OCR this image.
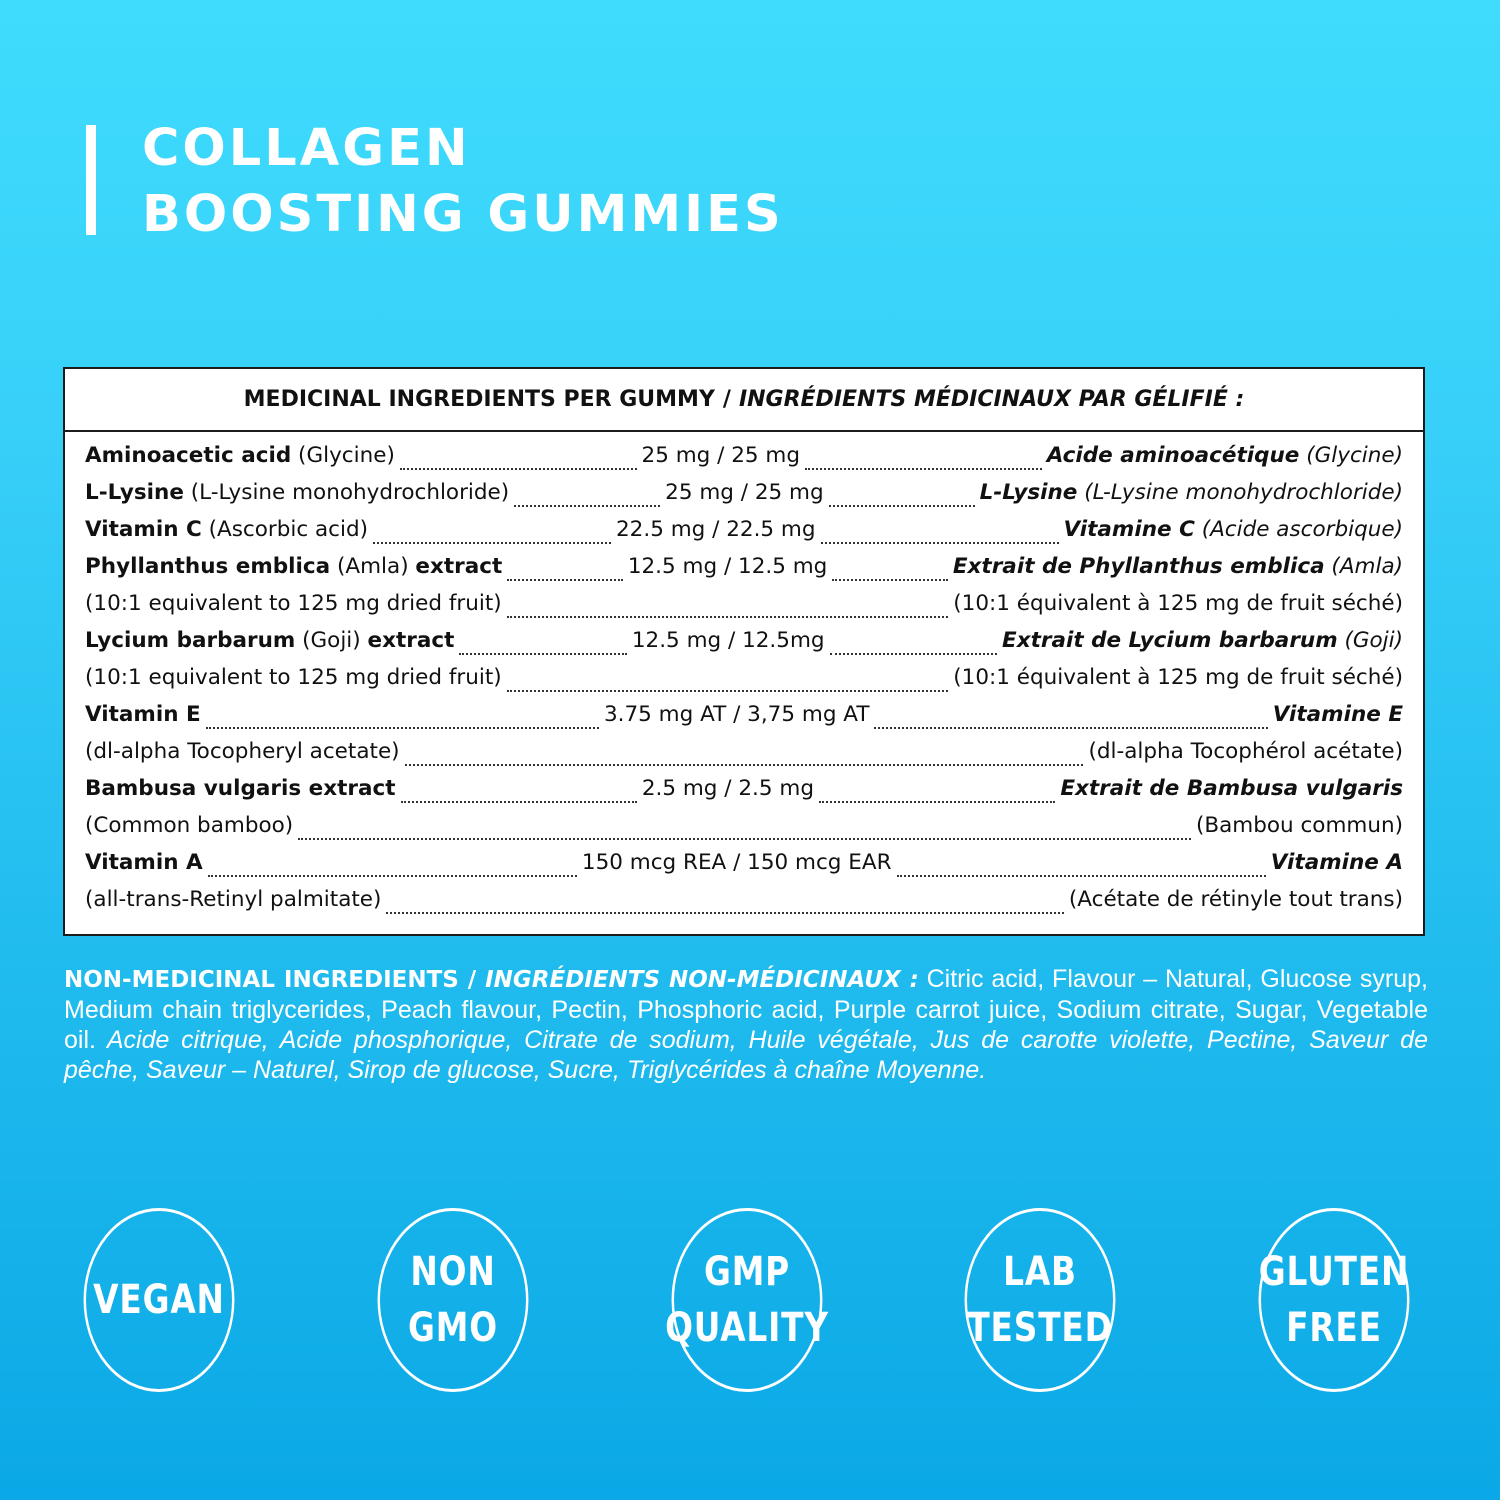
COLLAGEN
BOOSTING GUMMIES
MEDICINAL INGREDIENTS PER GUMMY / INGRÉDIENTS MÉDICINAUX PAR GÉLIFIÉ :
Aminoacetic acid (Glycine)	25 mg / 25 mg	Acide aminoacétique (Glycine)
L-Lysine (L-Lysine monohydrochloride)	25 mg / 25 mg	L-Lysine (L-Lysine monohydrochloride)
Vitamin C (Ascorbic acid)	22.5 mg / 22.5 mg	Vitamine C (Acide ascorbique)
Phyllanthus emblica (Amla) extract	12.5 mg / 12.5 mg	Extrait de Phyllanthus emblica (Amla)
(10:1 equivalent to 125 mg dried fruit)	(10:1 équivalent à 125 mg de fruit séché)
Lycium barbarum (Goji) extract	12.5 mg / 12.5mg	Extrait de Lycium barbarum (Goji)
(10:1 equivalent to 125 mg dried fruit)	(10:1 équivalent à 125 mg de fruit séché)
Vitamin E	3.75 mg AT / 3,75 mg AT	Vitamine E
(dl-alpha Tocopheryl acetate)	(dl-alpha Tocophérol acétate)
Bambusa vulgaris extract	2.5 mg / 2.5 mg	Extrait de Bambusa vulgaris
(Common bamboo)	(Bambou commun)
Vitamin A	150 mcg REA / 150 mcg EAR	Vitamine A
(all-trans-Retinyl palmitate)	(Acétate de rétinyle tout trans)

NON-MEDICINAL INGREDIENTS / INGRÉDIENTS NON-MÉDICINAUX : Citric acid, Flavour – Natural, Glucose syrup, Medium chain triglycerides, Peach flavour, Pectin, Phosphoric acid, Purple carrot juice, Sodium citrate, Sugar, Vegetable oil. Acide citrique, Acide phosphorique, Citrate de sodium, Huile végétale, Jus de carotte violette, Pectine, Saveur de pêche, Saveur – Naturel, Sirop de glucose, Sucre, Triglycérides à chaîne Moyenne.

VEGAN
NON
GMO
GMP
QUALITY
LAB
TESTED
GLUTEN
FREE
